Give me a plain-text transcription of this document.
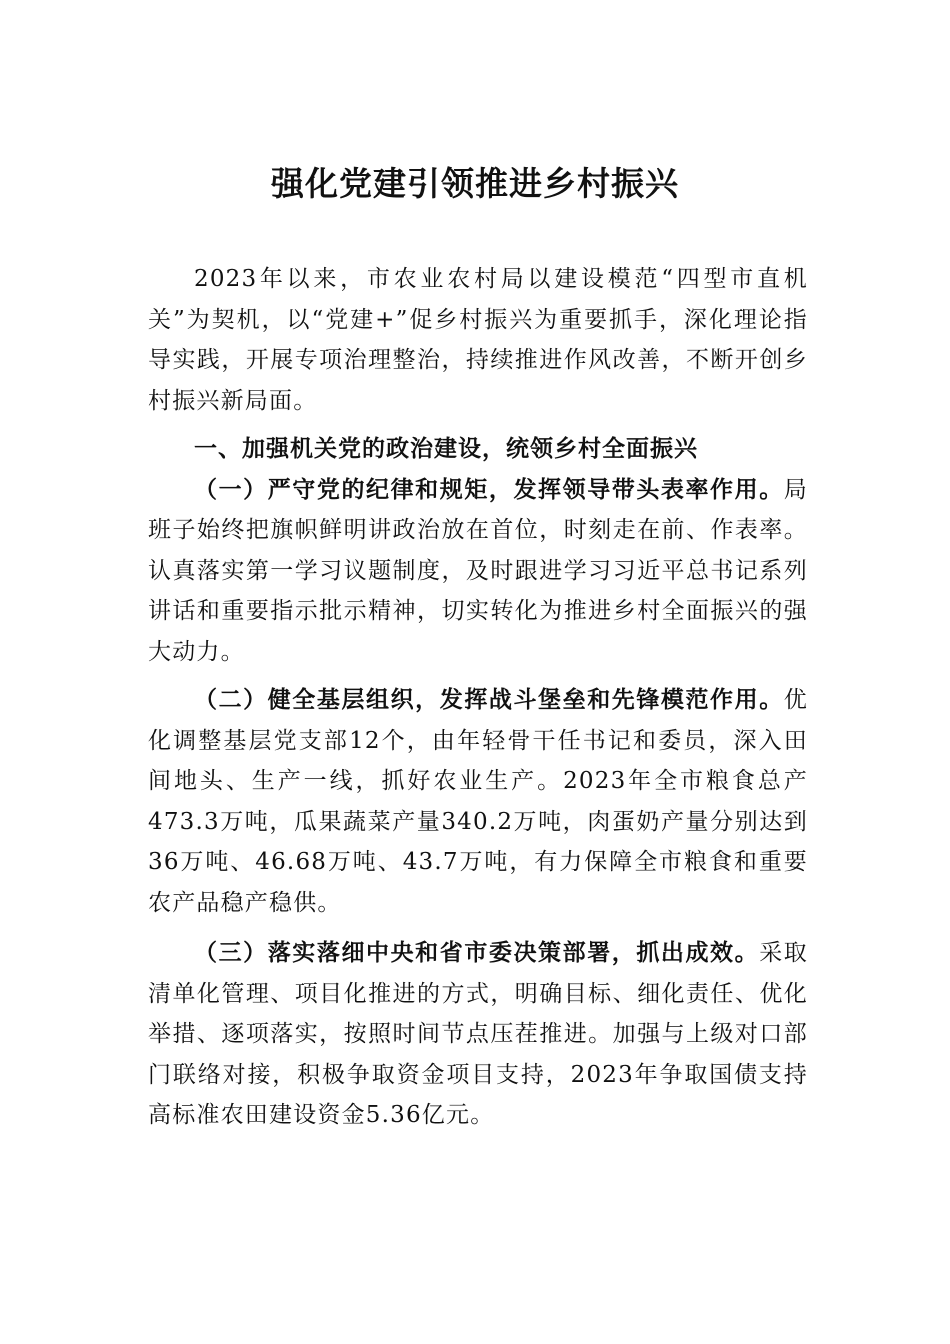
强化党建引领推进乡村振兴

2023年以来，市农业农村局以建设模范“四型市直机关”为契机，以“党建+”促乡村振兴为重要抓手，深化理论指导实践，开展专项治理整治，持续推进作风改善，不断开创乡村振兴新局面。

一、加强机关党的政治建设，统领乡村全面振兴

（一）严守党的纪律和规矩，发挥领导带头表率作用。局班子始终把旗帜鲜明讲政治放在首位，时刻走在前、作表率。认真落实第一学习议题制度，及时跟进学习习近平总书记系列讲话和重要指示批示精神，切实转化为推进乡村全面振兴的强大动力。

（二）健全基层组织，发挥战斗堡垒和先锋模范作用。优化调整基层党支部12个，由年轻骨干任书记和委员，深入田间地头、生产一线，抓好农业生产。2023年全市粮食总产473.3万吨，瓜果蔬菜产量340.2万吨，肉蛋奶产量分别达到36万吨、46.68万吨、43.7万吨，有力保障全市粮食和重要农产品稳产稳供。

（三）落实落细中央和省市委决策部署，抓出成效。采取清单化管理、项目化推进的方式，明确目标、细化责任、优化举措、逐项落实，按照时间节点压茬推进。加强与上级对口部门联络对接，积极争取资金项目支持，2023年争取国债支持高标准农田建设资金5.36亿元。
